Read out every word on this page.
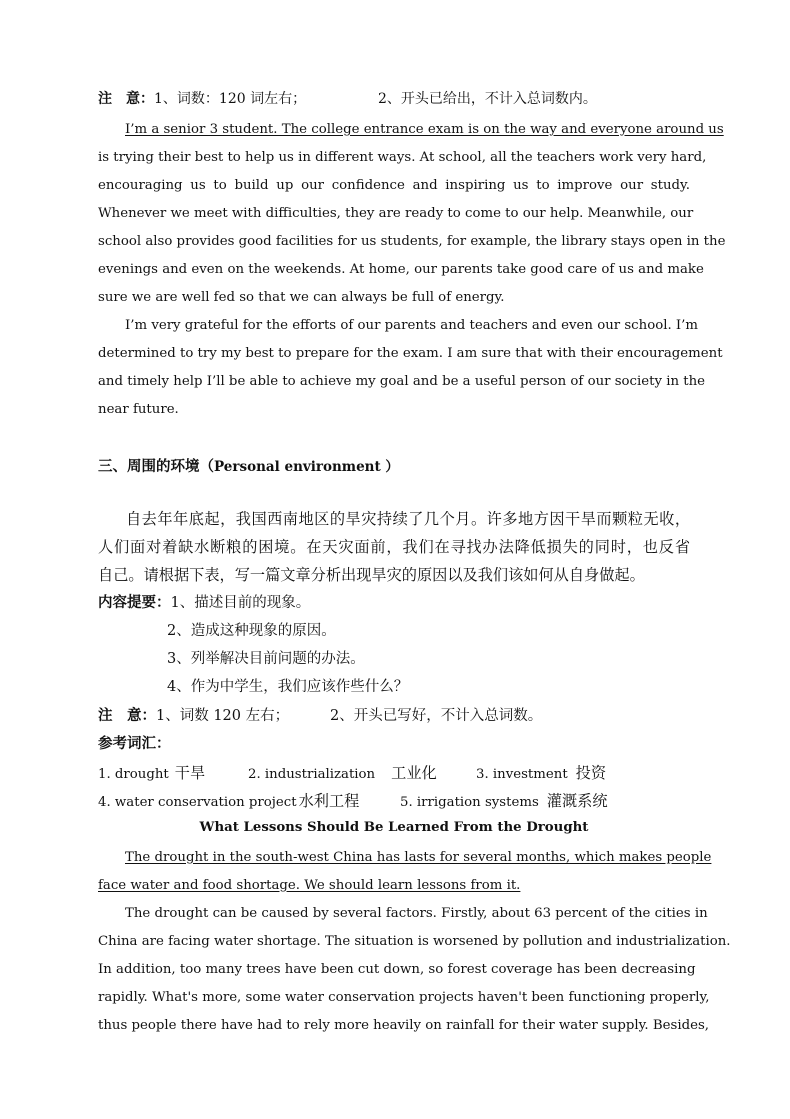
注　意：1、词数：120 词左右；	2、开头已给出，不计入总词数内。
I’m a senior 3 student. The college entrance exam is on the way and everyone around us
is trying their best to help us in different ways. At school, all the teachers work very hard,
encouraging us to build up our confidence and inspiring us to improve our study.
Whenever we meet with difficulties, they are ready to come to our help. Meanwhile, our
school also provides good facilities for us students, for example, the library stays open in the
evenings and even on the weekends. At home, our parents take good care of us and make
sure we are well fed so that we can always be full of energy.
I’m very grateful for the efforts of our parents and teachers and even our school. I’m
determined to try my best to prepare for the exam. I am sure that with their encouragement
and timely help I’ll be able to achieve my goal and be a useful person of our society in the
near future.
三、周围的环境（Personal environment ）
自去年年底起，我国西南地区的旱灾持续了几个月。许多地方因干旱而颗粒无收，
人们面对着缺水断粮的困境。在天灾面前，我们在寻找办法降低损失的同时，也反省
自己。请根据下表，写一篇文章分析出现旱灾的原因以及我们该如何从自身做起。
内容提要：1、描述目前的现象。
2、造成这种现象的原因。
3、列举解决目前问题的办法。
4、作为中学生，我们应该作些什么？
注　意：1、词数 120 左右；	2、开头已写好，不计入总词数。
参考词汇：
1. drought 干旱	2. industrialization 工业化	3. investment 投资
4. water conservation project 水利工程	5. irrigation systems 灌溉系统
What Lessons Should Be Learned From the Drought
The drought in the south-west China has lasts for several months, which makes people
face water and food shortage. We should learn lessons from it.
The drought can be caused by several factors. Firstly, about 63 percent of the cities in
China are facing water shortage. The situation is worsened by pollution and industrialization.
In addition, too many trees have been cut down, so forest coverage has been decreasing
rapidly. What's more, some water conservation projects haven't been functioning properly,
thus people there have had to rely more heavily on rainfall for their water supply. Besides,
